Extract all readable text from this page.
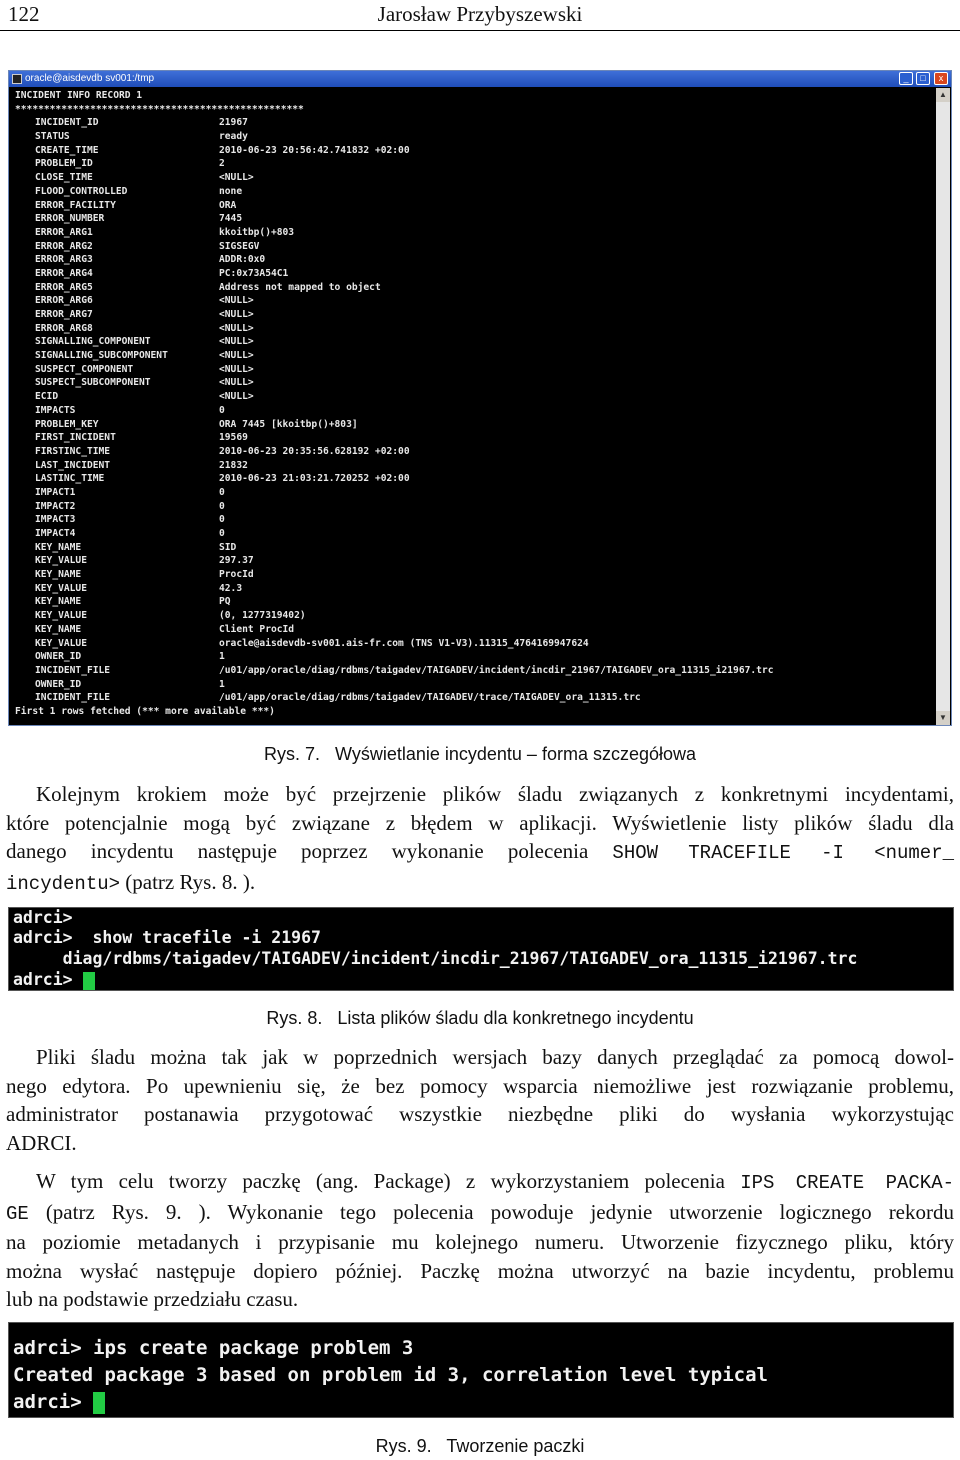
122	Jarosław Przybyszewski
oracle@aisdevdb sv001:/tmp	_	□	x
INCIDENT INFO RECORD 1
**************************************************
INCIDENT_ID	21967
STATUS	ready
CREATE_TIME	2010-06-23 20:56:42.741832 +02:00
PROBLEM_ID	2
CLOSE_TIME	<NULL>
FLOOD_CONTROLLED	none
ERROR_FACILITY	ORA
ERROR_NUMBER	7445
ERROR_ARG1	kkoitbp()+803
ERROR_ARG2	SIGSEGV
ERROR_ARG3	ADDR:0x0
ERROR_ARG4	PC:0x73A54C1
ERROR_ARG5	Address not mapped to object
ERROR_ARG6	<NULL>
ERROR_ARG7	<NULL>
ERROR_ARG8	<NULL>
SIGNALLING_COMPONENT	<NULL>
SIGNALLING_SUBCOMPONENT	<NULL>
SUSPECT_COMPONENT	<NULL>
SUSPECT_SUBCOMPONENT	<NULL>
ECID	<NULL>
IMPACTS	0
PROBLEM_KEY	ORA 7445 [kkoitbp()+803]
FIRST_INCIDENT	19569
FIRSTINC_TIME	2010-06-23 20:35:56.628192 +02:00
LAST_INCIDENT	21832
LASTINC_TIME	2010-06-23 21:03:21.720252 +02:00
IMPACT1	0
IMPACT2	0
IMPACT3	0
IMPACT4	0
KEY_NAME	SID
KEY_VALUE	297.37
KEY_NAME	ProcId
KEY_VALUE	42.3
KEY_NAME	PQ
KEY_VALUE	(0, 1277319402)
KEY_NAME	Client ProcId
KEY_VALUE	oracle@aisdevdb-sv001.ais-fr.com (TNS V1-V3).11315_4764169947624
OWNER_ID	1
INCIDENT_FILE	/u01/app/oracle/diag/rdbms/taigadev/TAIGADEV/incident/incdir_21967/TAIGADEV_ora_11315_i21967.trc
OWNER_ID	1
INCIDENT_FILE	/u01/app/oracle/diag/rdbms/taigadev/TAIGADEV/trace/TAIGADEV_ora_11315.trc
First 1 rows fetched (*** more available ***)
▲
▼
Rys. 7. Wyświetlanie incydentu – forma szczegółowa
Kolejnym krokiem może być przejrzenie plików śladu związanych z konkretnymi incydentami,
które potencjalnie mogą być związane z błędem w aplikacji. Wyświetlenie listy plików śladu dla
danego incydentu następuje poprzez wykonanie polecenia SHOW TRACEFILE -I <numer_
incydentu> (patrz Rys. 8. ).

adrci>

adrci>  show tracefile -i 21967

diag/rdbms/taigadev/TAIGADEV/incident/incdir_21967/TAIGADEV_ora_11315_i21967.trc

adrci>

Rys. 8. Lista plików śladu dla konkretnego incydentu
Pliki śladu można tak jak w poprzednich wersjach bazy danych przeglądać za pomocą dowol-
nego edytora. Po upewnieniu się, że bez pomocy wsparcia niemożliwe jest rozwiązanie problemu,
administrator postanawia przygotować wszystkie niezbędne pliki do wysłania wykorzystując
ADRCI.
W tym celu tworzy paczkę (ang. Package) z wykorzystaniem polecenia IPS CREATE PACKA-
GE (patrz Rys. 9. ). Wykonanie tego polecenia powoduje jedynie utworzenie logicznego rekordu
na poziomie metadanych i przypisanie mu kolejnego numeru. Utworzenie fizycznego pliku, który
można wysłać następuje dopiero później. Paczkę można utworzyć na bazie incydentu, problemu
lub na podstawie przedziału czasu.

adrci> ips create package problem 3

Created package 3 based on problem id 3, correlation level typical

adrci>

Rys. 9. Tworzenie paczki
